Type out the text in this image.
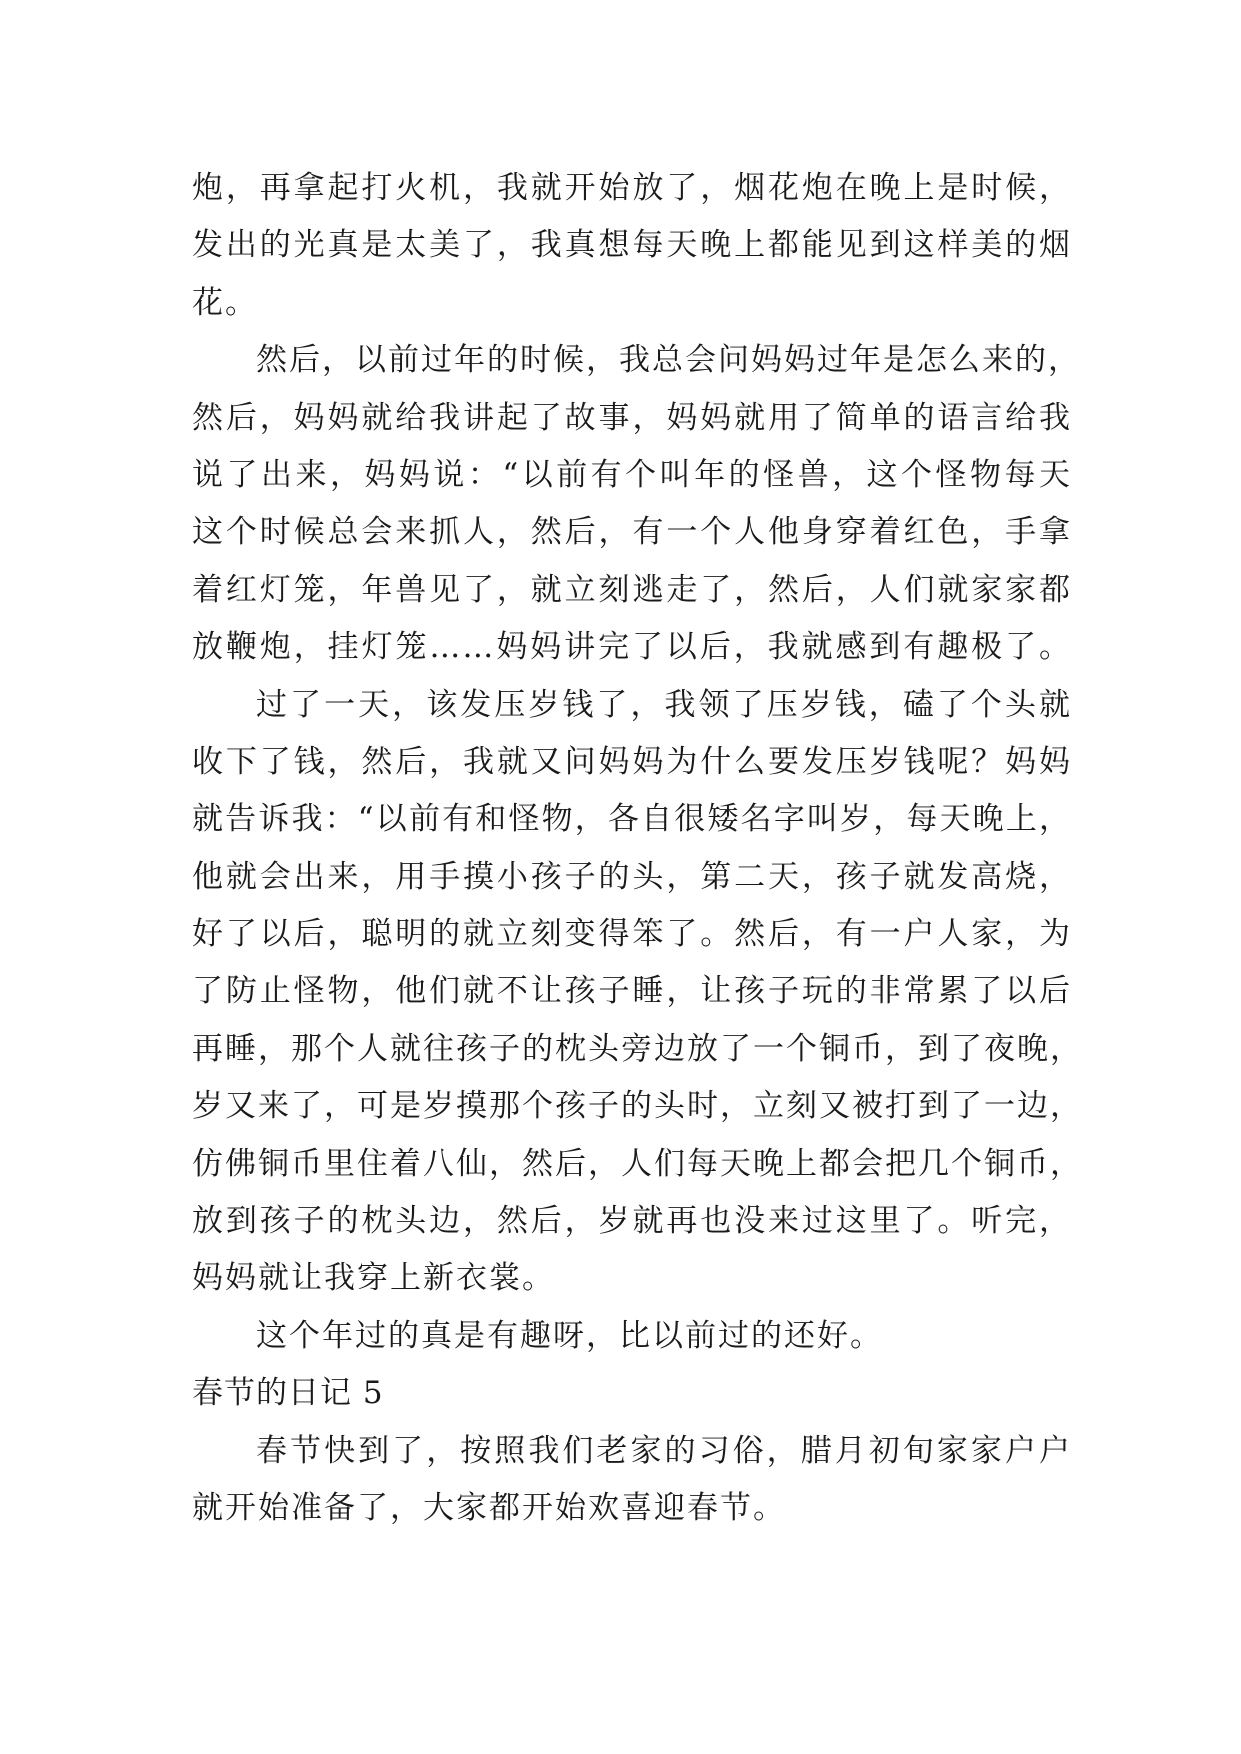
炮，再拿起打火机，我就开始放了，烟花炮在晚上是时候，
发出的光真是太美了，我真想每天晚上都能见到这样美的烟
花。
然后，以前过年的时候，我总会问妈妈过年是怎么来的，
然后，妈妈就给我讲起了故事，妈妈就用了简单的语言给我
说了出来，妈妈说：“以前有个叫年的怪兽，这个怪物每天
这个时候总会来抓人，然后，有一个人他身穿着红色，手拿
着红灯笼，年兽见了，就立刻逃走了，然后，人们就家家都
放鞭炮，挂灯笼……妈妈讲完了以后，我就感到有趣极了。
过了一天，该发压岁钱了，我领了压岁钱，磕了个头就
收下了钱，然后，我就又问妈妈为什么要发压岁钱呢？妈妈
就告诉我：“以前有和怪物，各自很矮名字叫岁，每天晚上，
他就会出来，用手摸小孩子的头，第二天，孩子就发高烧，
好了以后，聪明的就立刻变得笨了。然后，有一户人家，为
了防止怪物，他们就不让孩子睡，让孩子玩的非常累了以后
再睡，那个人就往孩子的枕头旁边放了一个铜币，到了夜晚，
岁又来了，可是岁摸那个孩子的头时，立刻又被打到了一边，
仿佛铜币里住着八仙，然后，人们每天晚上都会把几个铜币，
放到孩子的枕头边，然后，岁就再也没来过这里了。听完，
妈妈就让我穿上新衣裳。
这个年过的真是有趣呀，比以前过的还好。
春节的日记 5
春节快到了，按照我们老家的习俗，腊月初旬家家户户
就开始准备了，大家都开始欢喜迎春节。
